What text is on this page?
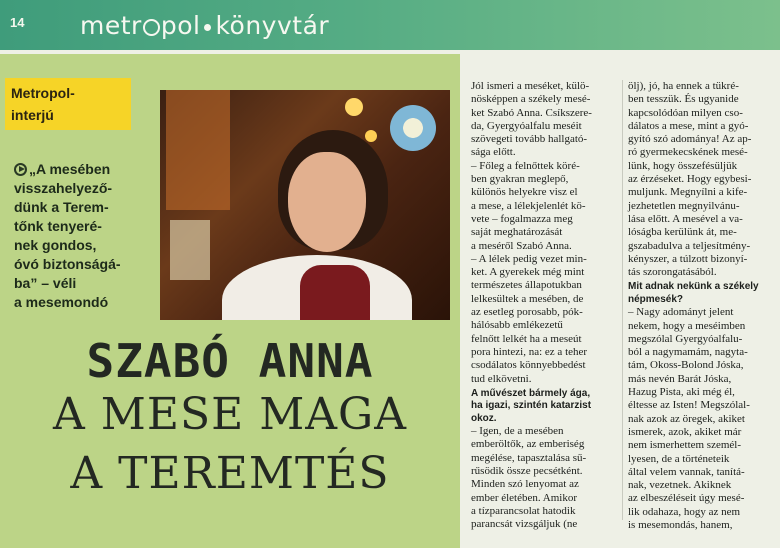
14 metr pol könyvtár
Metropol-
interjú
„A mesében
visszahelyező-
dünk a Terem-
tőnk tenyeré-
nek gondos,
óvó biztonságá-
ba” – véli
a mesemondó
SZABÓ ANNA
A MESE MAGA
A TEREMTÉS

Jól ismeri a meséket, külö-

nösképpen a székely mesé-

ket Szabó Anna. Csíkszere-

da, Gyergyóalfalu meséit

szövegeti tovább hallgató-

sága előtt.

– Főleg a felnőttek köré-

ben gyakran meglepő,

különös helyekre visz el

a mese, a lélekjelenlét kö-

vete – fogalmazza meg

saját meghatározását

a meséről Szabó Anna.

– A lélek pedig vezet min-

ket. A gyerekek még mint

természetes állapotukban

lelkesültek a mesében, de

az esetleg porosabb, pók-

hálósabb emlékezetű

felnőtt lelkét ha a meseút

pora hintezi, na: ez a teher

csodálatos könnyebbedést

tud elkövetni.

A művészet bármely ága,

ha igazi, szintén katarzist

okoz.

– Igen, de a mesében

emberöltők, az emberiség

megélése, tapasztalása sű-

rűsödik össze pecsétként.

Minden szó lenyomat az

ember életében. Amikor

a tízparancsolat hatodik

parancsát vizsgáljuk (ne

ölj), jó, ha ennek a tükré-

ben tesszük. És ugyanide

kapcsolódóan milyen cso-

dálatos a mese, mint a gyó-

gyító szó adománya! Az ap-

ró gyermekecskének mesé-

lünk, hogy összefésüljük

az érzéseket. Hogy egybesi-

muljunk. Megnyílni a kife-

jezhetetlen megnyilvánu-

lása előtt. A mesével a va-

lóságba kerülünk át, me-

gszabadulva a teljesítmény-

kényszer, a túlzott bizonyí-

tás szorongatásából.

Mit adnak nekünk a székely

népmesék?

– Nagy adományt jelent

nekem, hogy a meséimben

megszólal Gyergyóalfalu-

ból a nagymamám, nagyta-

tám, Okoss-Bolond Jóska,

más nevén Barát Jóska,

Hazug Pista, aki még él,

éltesse az Isten! Megszólal-

nak azok az öregek, akiket

ismerek, azok, akiket már

nem ismerhettem személ-

lyesen, de a történeteik

által velem vannak, tanítá-

nak, vezetnek. Akiknek

az elbeszéléseit úgy mesé-

lik odahaza, hogy az nem

is mesemondás, hanem,
